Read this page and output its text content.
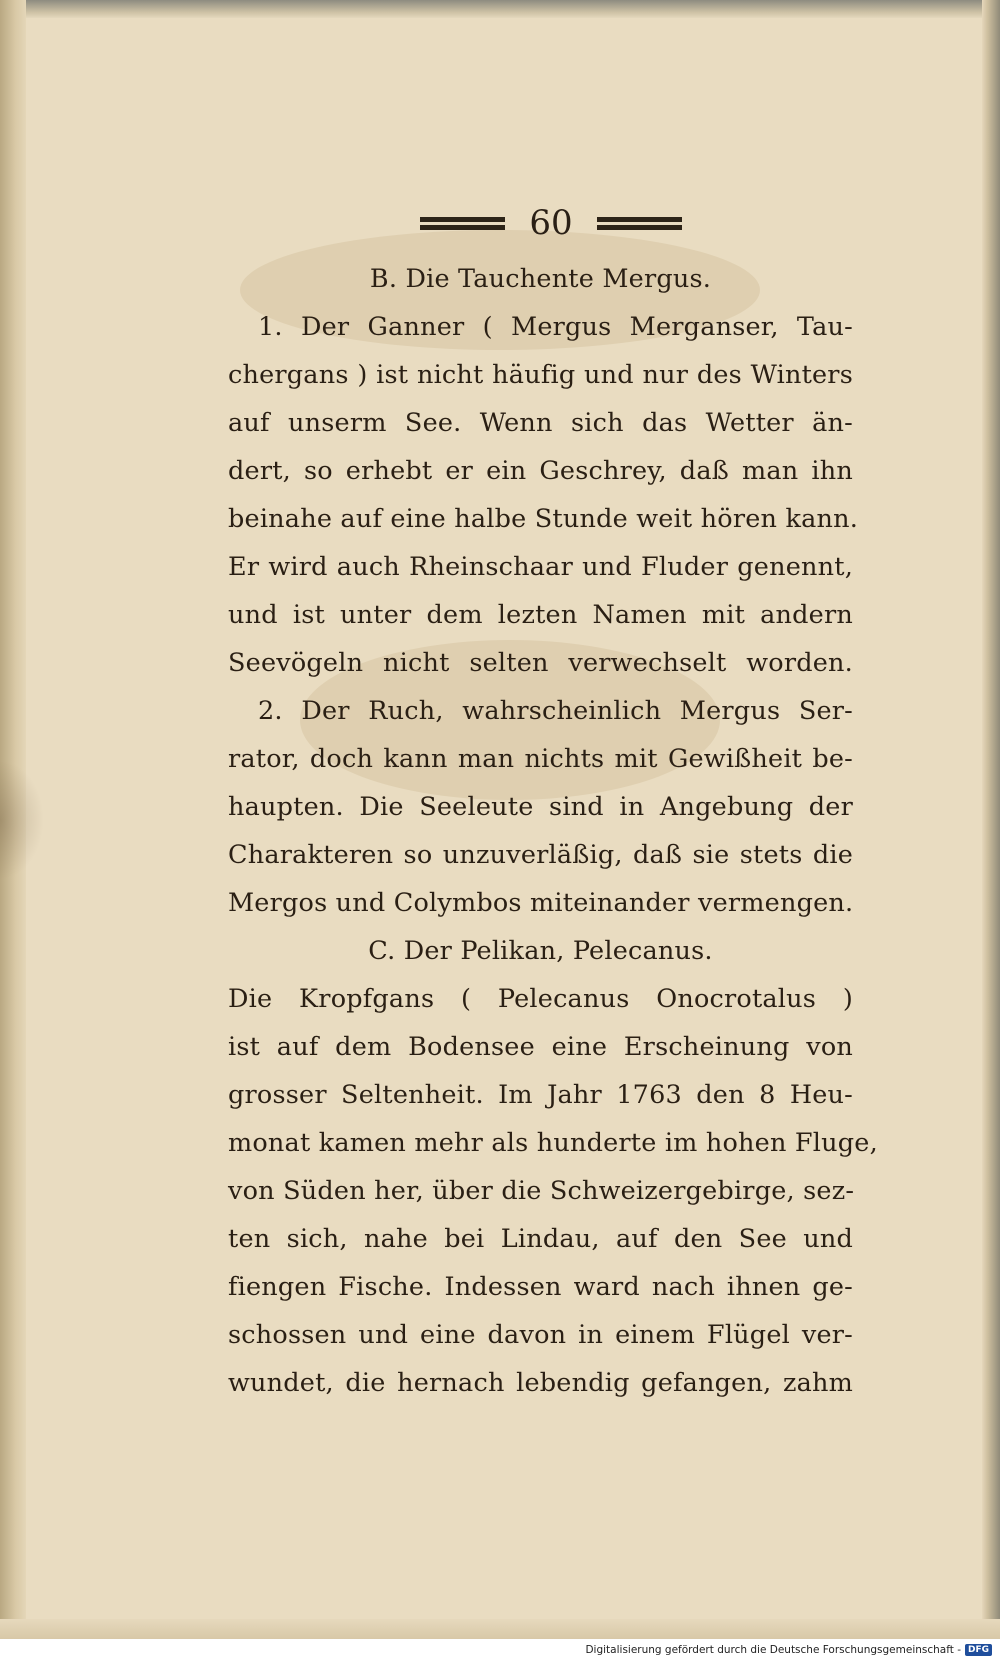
60
B. Die Tauchente Mergus.
1. Der Ganner ( Mergus Merganser, Tau-
chergans ) ist nicht häufig und nur des Winters
auf unserm See. Wenn sich das Wetter än-
dert, so erhebt er ein Geschrey, daß man ihn
beinahe auf eine halbe Stunde weit hören kann.
Er wird auch Rheinschaar und Fluder genennt,
und ist unter dem lezten Namen mit andern
Seevögeln nicht selten verwechselt worden.
2. Der Ruch, wahrscheinlich Mergus Ser-
rator, doch kann man nichts mit Gewißheit be-
haupten. Die Seeleute sind in Angebung der
Charakteren so unzuverläßig, daß sie stets die
Mergos und Colymbos miteinander vermengen.
C. Der Pelikan, Pelecanus.
Die Kropfgans ( Pelecanus Onocrotalus )
ist auf dem Bodensee eine Erscheinung von
grosser Seltenheit. Im Jahr 1763 den 8 Heu-
monat kamen mehr als hunderte im hohen Fluge,
von Süden her, über die Schweizergebirge, sez-
ten sich, nahe bei Lindau, auf den See und
fiengen Fische. Indessen ward nach ihnen ge-
schossen und eine davon in einem Flügel ver-
wundet, die hernach lebendig gefangen, zahm
Digitalisierung gefördert durch die Deutsche Forschungsgemeinschaft - DFG
